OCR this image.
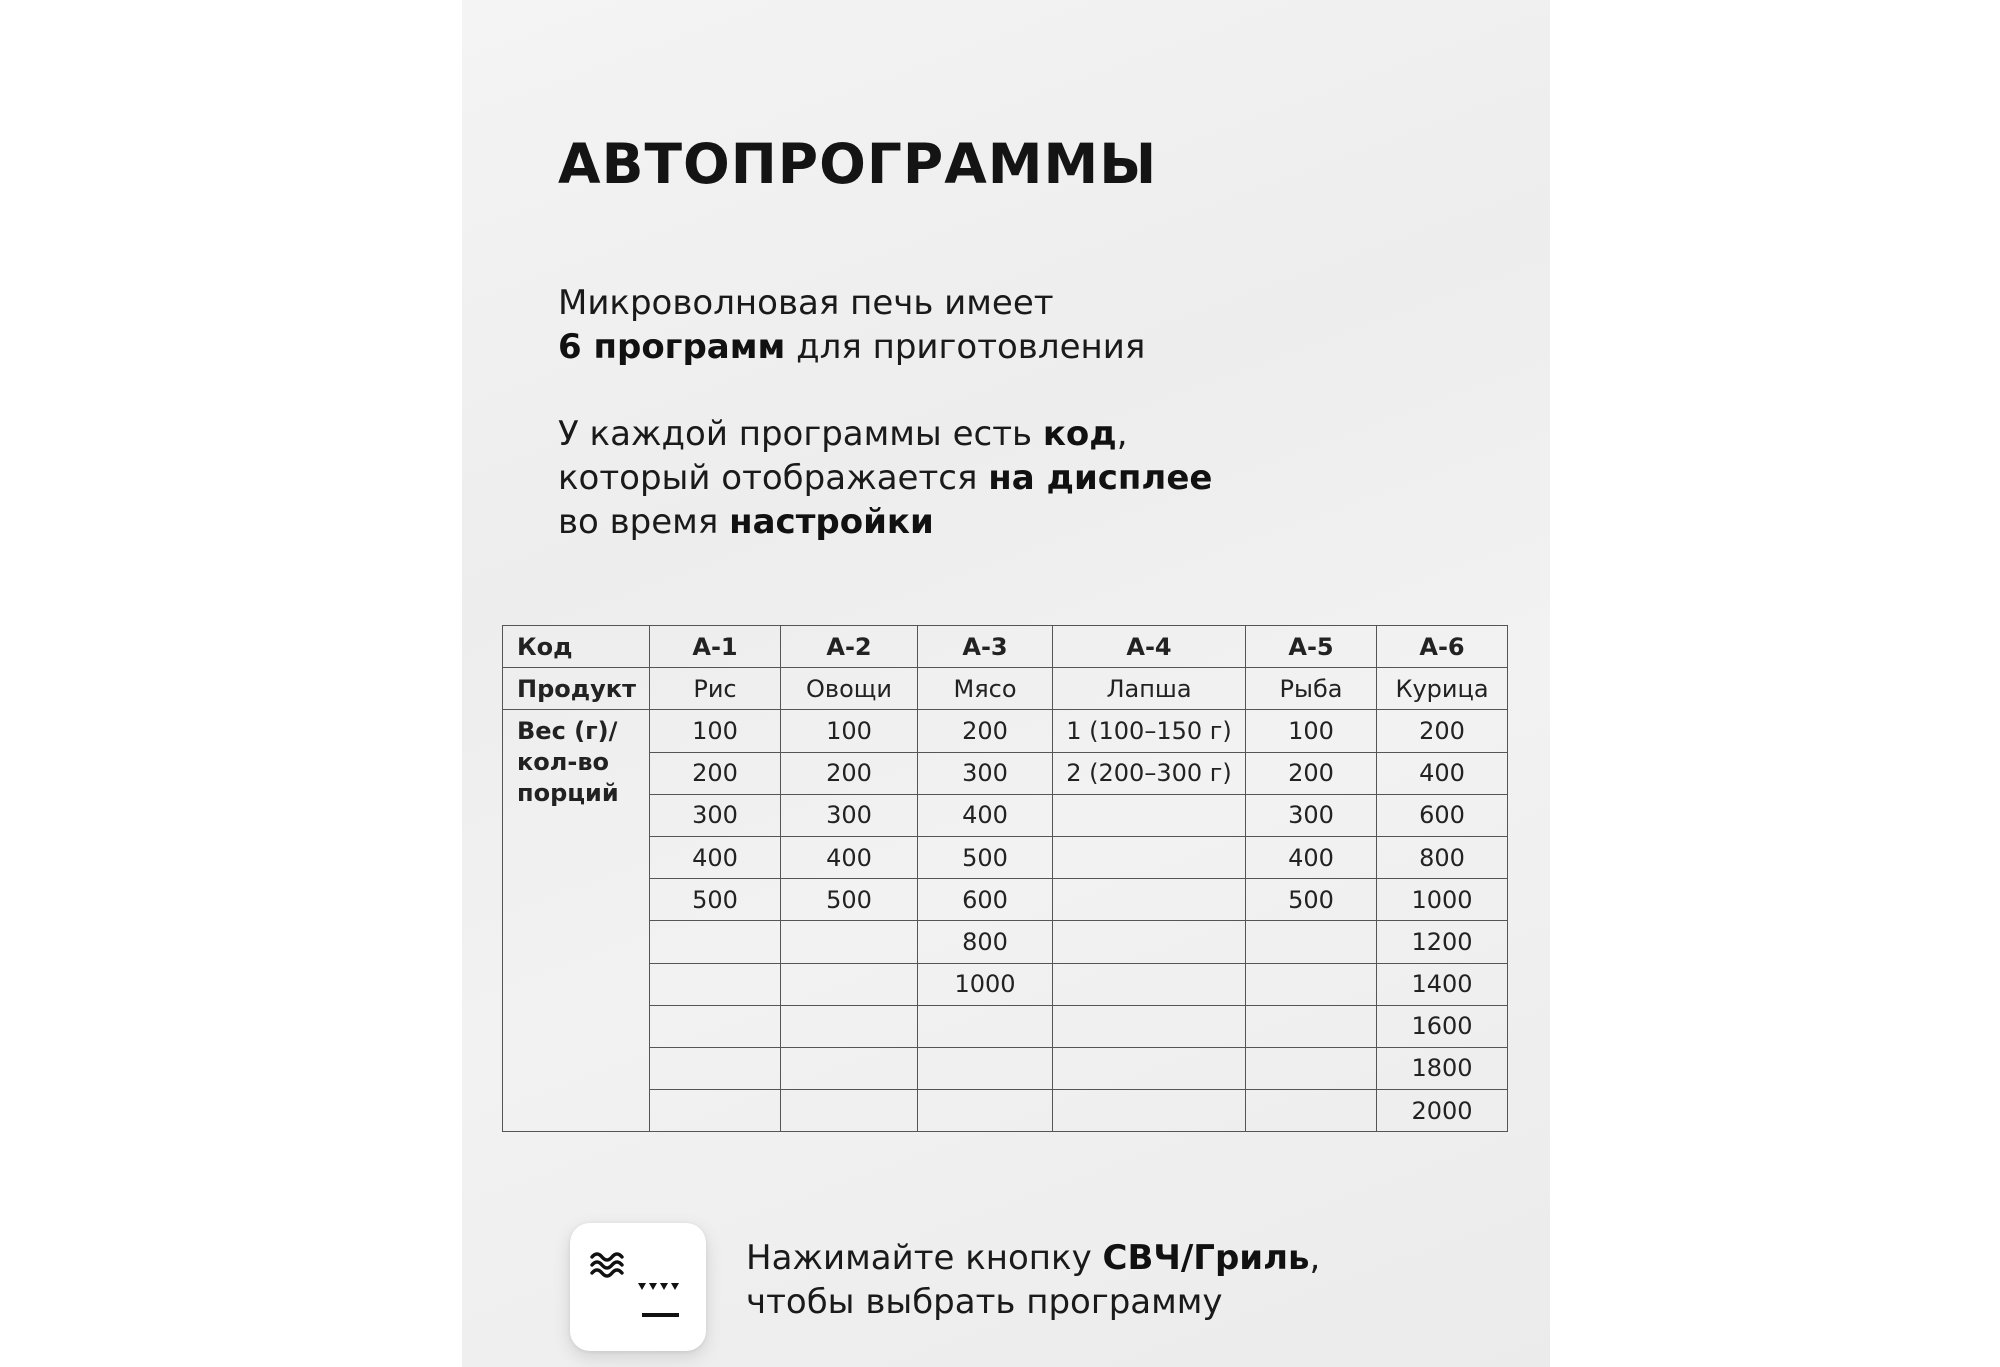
АВТОПРОГРАММЫ
Микроволновая печь имеет
6 программ для приготовления
У каждой программы есть код,
который отображается на дисплее
во время настройки
Код	А-1	А-2	А-3	А-4	А-5	А-6
Продукт	Рис	Овощи	Мясо	Лапша	Рыба	Курица

Вес (г)/
кол-во
порций	100	100	200	1 (100–150 г)	100	200
	200	200	300	2 (200–300 г)	200	400
	300	300	400		300	600
	400	400	500		400	800
	500	500	600		500	1000
			800			1200
			1000			1400
						1600
						1800
						2000
Нажимайте кнопку СВЧ/Гриль,
чтобы выбрать программу
